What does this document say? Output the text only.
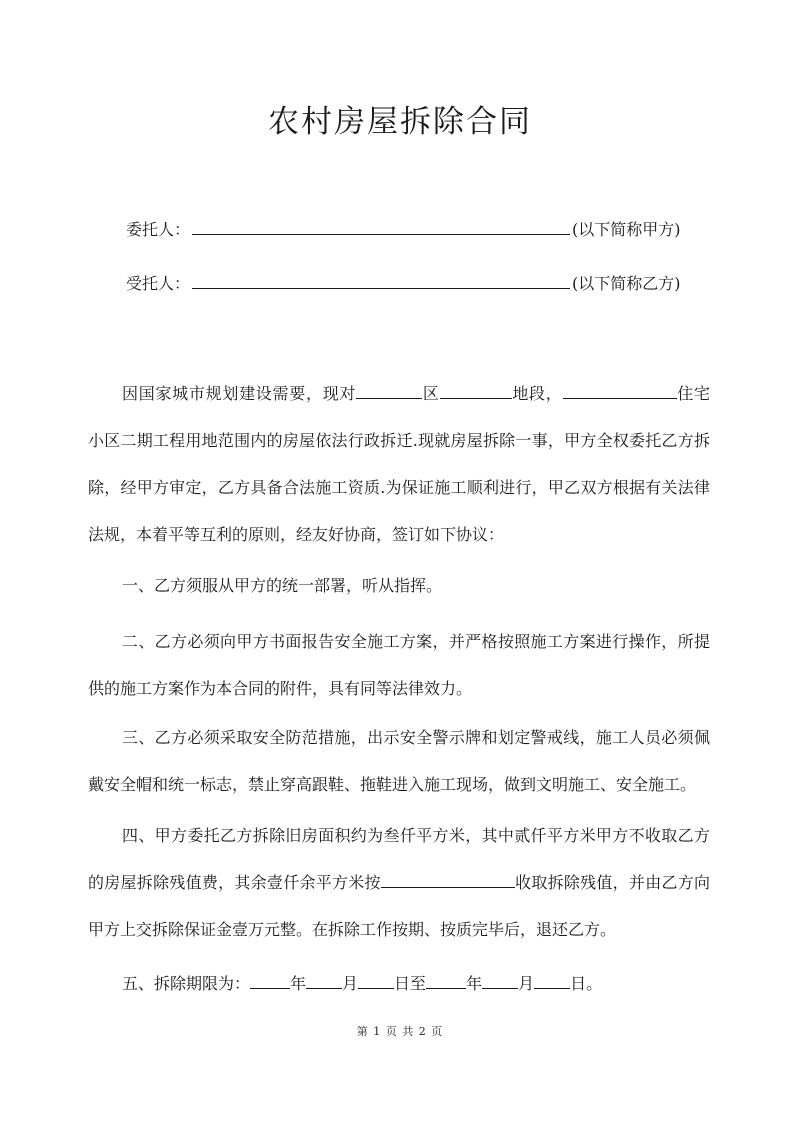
农村房屋拆除合同
委托人：	(以下简称甲方)
受托人：	(以下简称乙方)

因国家城市规划建设需要，现对	区	地段，	住宅小区二期工程用地范围内的房屋依法行政拆迁.现就房屋拆除一事，甲方全权委托乙方拆除，经甲方审定，乙方具备合法施工资质.为保证施工顺利进行，甲乙双方根据有关法律法规，本着平等互利的原则，经友好协商，签订如下协议：

一、乙方须服从甲方的统一部署，听从指挥。

二、乙方必须向甲方书面报告安全施工方案，并严格按照施工方案进行操作，所提供的施工方案作为本合同的附件，具有同等法律效力。

三、乙方必须采取安全防范措施，出示安全警示牌和划定警戒线，施工人员必须佩戴安全帽和统一标志，禁止穿高跟鞋、拖鞋进入施工现场，做到文明施工、安全施工。

四、甲方委托乙方拆除旧房面积约为叁仟平方米，其中贰仟平方米甲方不收取乙方的房屋拆除残值费，其余壹仟余平方米按	收取拆除残值，并由乙方向甲方上交拆除保证金壹万元整。在拆除工作按期、按质完毕后，退还乙方。

五、拆除期限为：	年 月 日至	年 月 日。

第 1 页 共 2 页
